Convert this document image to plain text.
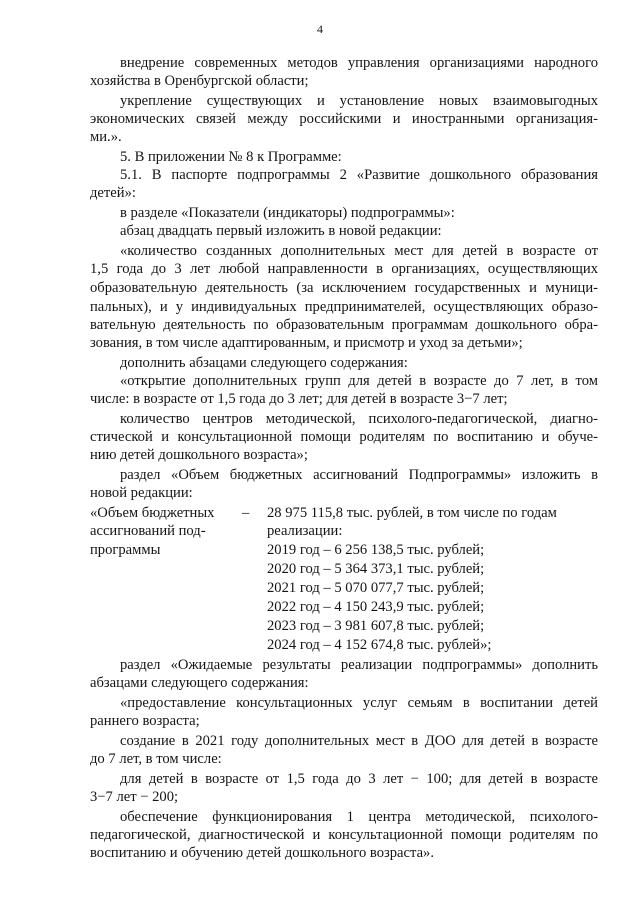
4
внедрение современных методов управления организациями народного
хозяйства в Оренбургской области;
укрепление существующих и установление новых взаимовыгодных
экономических связей между российскими и иностранными организация-
ми.».
5. В приложении № 8 к Программе:
5.1. В паспорте подпрограммы 2 «Развитие дошкольного образования
детей»:
в разделе «Показатели (индикаторы) подпрограммы»:
абзац двадцать первый изложить в новой редакции:
«количество созданных дополнительных мест для детей в возрасте от
1,5 года до 3 лет любой направленности в организациях, осуществляющих
образовательную деятельность (за исключением государственных и муници-
пальных), и у индивидуальных предпринимателей, осуществляющих образо-
вательную деятельность по образовательным программам дошкольного обра-
зования, в том числе адаптированным, и присмотр и уход за детьми»;
дополнить абзацами следующего содержания:
«открытие дополнительных групп для детей в возрасте до 7 лет, в том
числе: в возрасте от 1,5 года до 3 лет; для детей в возрасте 3−7 лет;
количество центров методической, психолого-педагогической, диагно-
стической и консультационной помощи родителям по воспитанию и обуче-
нию детей дошкольного возраста»;
раздел «Объем бюджетных ассигнований Подпрограммы» изложить в
новой редакции:
«Объем бюджетных
ассигнований под-
программы
– 28 975 115,8 тыс. рублей, в том числе по годам
реализации:
2019 год – 6 256 138,5 тыс. рублей;
2020 год – 5 364 373,1 тыс. рублей;
2021 год – 5 070 077,7 тыс. рублей;
2022 год – 4 150 243,9 тыс. рублей;
2023 год – 3 981 607,8 тыс. рублей;
2024 год – 4 152 674,8 тыс. рублей»;
раздел «Ожидаемые результаты реализации подпрограммы» дополнить
абзацами следующего содержания:
«предоставление консультационных услуг семьям в воспитании детей
раннего возраста;
создание в 2021 году дополнительных мест в ДОО для детей в возрасте
до 7 лет, в том числе:
для детей в возрасте от 1,5 года до 3 лет − 100; для детей в возрасте
3−7 лет − 200;
обеспечение функционирования 1 центра методической, психолого-
педагогической, диагностической и консультационной помощи родителям по
воспитанию и обучению детей дошкольного возраста».
